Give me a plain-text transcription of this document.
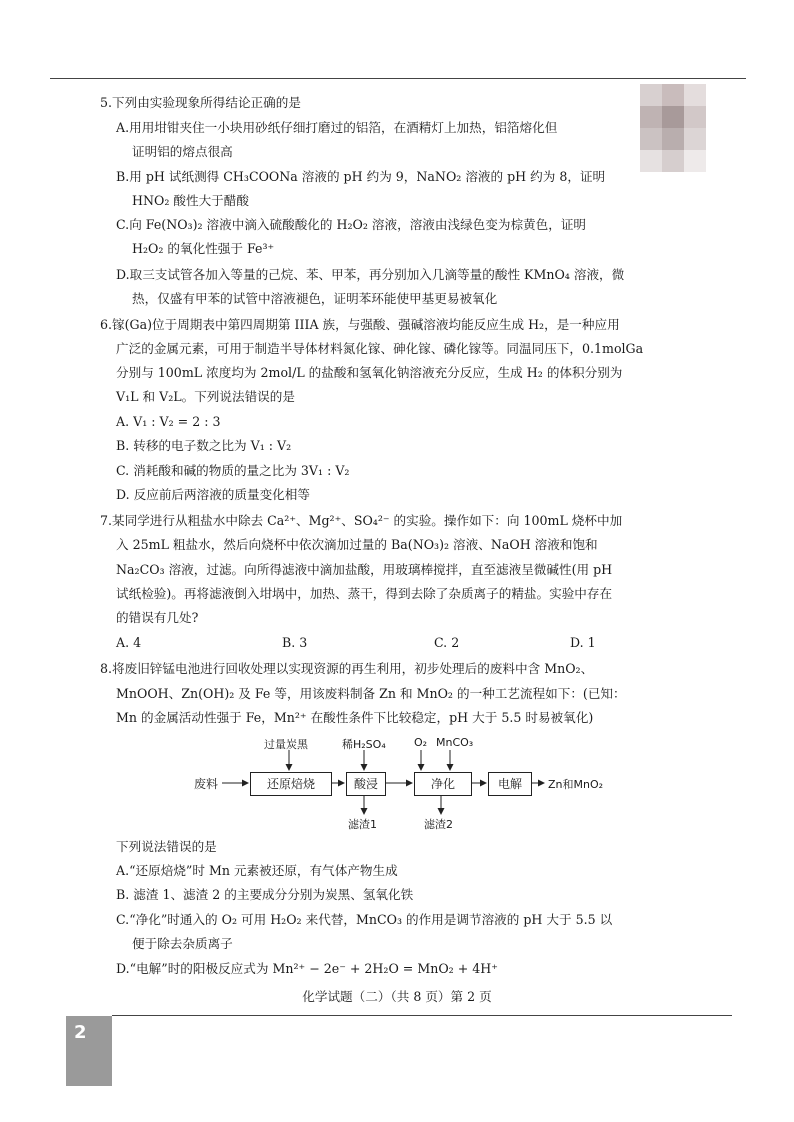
5.下列由实验现象所得结论正确的是
A.用用坩钳夹住一小块用砂纸仔细打磨过的铝箔，在酒精灯上加热，铝箔熔化但
证明铝的熔点很高
B.用 pH 试纸测得 CH₃COONa 溶液的 pH 约为 9，NaNO₂ 溶液的 pH 约为 8，证明
HNO₂ 酸性大于醋酸
C.向 Fe(NO₃)₂ 溶液中滴入硫酸酸化的 H₂O₂ 溶液，溶液由浅绿色变为棕黄色，证明
H₂O₂ 的氧化性强于 Fe³⁺
D.取三支试管各加入等量的己烷、苯、甲苯，再分别加入几滴等量的酸性 KMnO₄ 溶液，微
热，仅盛有甲苯的试管中溶液褪色，证明苯环能使甲基更易被氧化
6.镓(Ga)位于周期表中第四周期第 IIIA 族，与强酸、强碱溶液均能反应生成 H₂，是一种应用
广泛的金属元素，可用于制造半导体材料氮化镓、砷化镓、磷化镓等。同温同压下，0.1molGa
分别与 100mL 浓度均为 2mol/L 的盐酸和氢氧化钠溶液充分反应，生成 H₂ 的体积分别为
V₁L 和 V₂L。下列说法错误的是
A. V₁ : V₂ = 2 : 3
B. 转移的电子数之比为 V₁ : V₂
C. 消耗酸和碱的物质的量之比为 3V₁ : V₂
D. 反应前后两溶液的质量变化相等
7.某同学进行从粗盐水中除去 Ca²⁺、Mg²⁺、SO₄²⁻ 的实验。操作如下：向 100mL 烧杯中加
入 25mL 粗盐水，然后向烧杯中依次滴加过量的 Ba(NO₃)₂ 溶液、NaOH 溶液和饱和
Na₂CO₃ 溶液，过滤。向所得滤液中滴加盐酸，用玻璃棒搅拌，直至滤液呈微碱性(用 pH
试纸检验)。再将滤液倒入坩埚中，加热、蒸干，得到去除了杂质离子的精盐。实验中存在
的错误有几处?
A. 4	B. 3	C. 2	D. 1
8.将废旧锌锰电池进行回收处理以实现资源的再生利用，初步处理后的废料中含 MnO₂、
MnOOH、Zn(OH)₂ 及 Fe 等，用该废料制备 Zn 和 MnO₂ 的一种工艺流程如下：(已知：
Mn 的金属活动性强于 Fe，Mn²⁺ 在酸性条件下比较稳定，pH 大于 5.5 时易被氧化)
废料	还原焙烧	酸浸	净化	电解	Zn和MnO₂
过量炭黑	稀H₂SO₄	O₂ MnCO₃
滤渣1	滤渣2
下列说法错误的是
A.“还原焙烧”时 Mn 元素被还原，有气体产物生成
B. 滤渣 1、滤渣 2 的主要成分分别为炭黑、氢氧化铁
C.“净化”时通入的 O₂ 可用 H₂O₂ 来代替，MnCO₃ 的作用是调节溶液的 pH 大于 5.5 以
便于除去杂质离子
D.“电解”时的阳极反应式为 Mn²⁺ − 2e⁻ + 2H₂O = MnO₂ + 4H⁺
化学试题（二）（共 8 页）第 2 页
2
